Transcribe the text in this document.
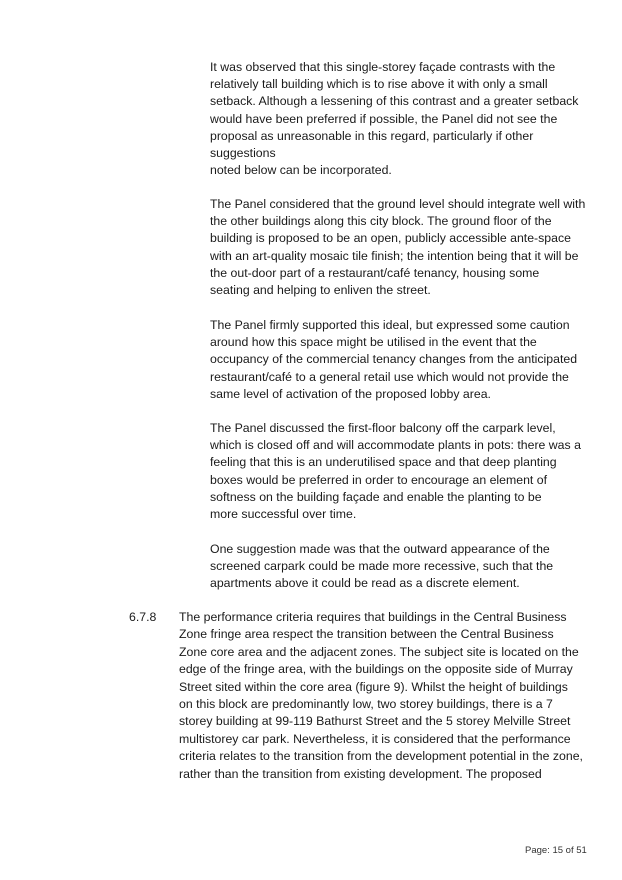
It was observed that this single-storey façade contrasts with the
relatively tall building which is to rise above it with only a small
setback. Although a lessening of this contrast and a greater setback
would have been preferred if possible, the Panel did not see the
proposal as unreasonable in this regard, particularly if other
suggestions
noted below can be incorporated.
The Panel considered that the ground level should integrate well with
the other buildings along this city block. The ground floor of the
building is proposed to be an open, publicly accessible ante-space
with an art-quality mosaic tile finish; the intention being that it will be
the out-door part of a restaurant/café tenancy, housing some
seating and helping to enliven the street.
The Panel firmly supported this ideal, but expressed some caution
around how this space might be utilised in the event that the
occupancy of the commercial tenancy changes from the anticipated
restaurant/café to a general retail use which would not provide the
same level of activation of the proposed lobby area.
The Panel discussed the first-floor balcony off the carpark level,
which is closed off and will accommodate plants in pots: there was a
feeling that this is an underutilised space and that deep planting
boxes would be preferred in order to encourage an element of
softness on the building façade and enable the planting to be
more successful over time.
One suggestion made was that the outward appearance of the
screened carpark could be made more recessive, such that the
apartments above it could be read as a discrete element.
The performance criteria requires that buildings in the Central Business
Zone fringe area respect the transition between the Central Business
Zone core area and the adjacent zones. The subject site is located on the
edge of the fringe area, with the buildings on the opposite side of Murray
Street sited within the core area (figure 9). Whilst the height of buildings
on this block are predominantly low, two storey buildings, there is a 7
storey building at 99-119 Bathurst Street and the 5 storey Melville Street
multistorey car park. Nevertheless, it is considered that the performance
criteria relates to the transition from the development potential in the zone,
rather than the transition from existing development. The proposed
6.7.8
Page: 15 of 51
